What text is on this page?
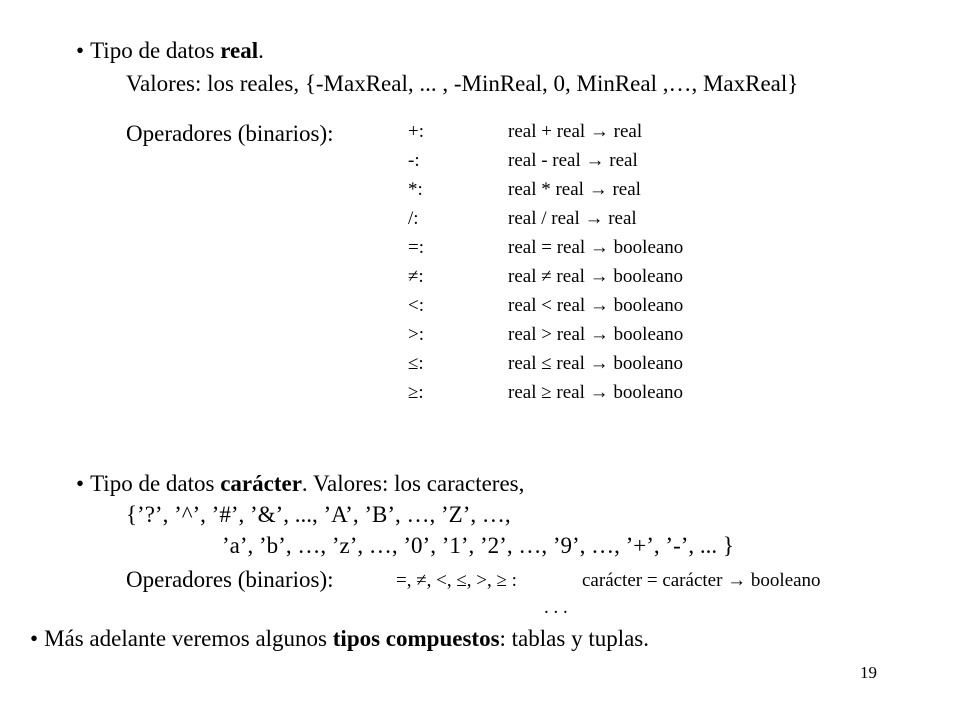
• Tipo de datos real.
Valores: los reales, {-MaxReal, ... , -MinReal, 0, MinReal ,…, MaxReal}
Operadores (binarios):	+:	real + real → real
-:	real - real → real
*:	real * real → real
/:	real / real → real
=:	real = real → booleano
≠:	real ≠ real → booleano
<:	real < real → booleano
>:	real > real → booleano
≤:	real ≤ real → booleano
≥:	real ≥ real → booleano
• Tipo de datos carácter. Valores: los caracteres,
{’?’, ’^’, ’#’, ’&’, ..., ’A’, ’B’, …, ’Z’, …,
’a’, ’b’, …, ’z’, …, ’0’, ’1’, ’2’, …, ’9’, …, ’+’, ’-’, ... }
Operadores (binarios):	=, ≠, <, ≤, >, ≥ :	carácter = carácter → booleano
. . .
• Más adelante veremos algunos tipos compuestos: tablas y tuplas.
19
